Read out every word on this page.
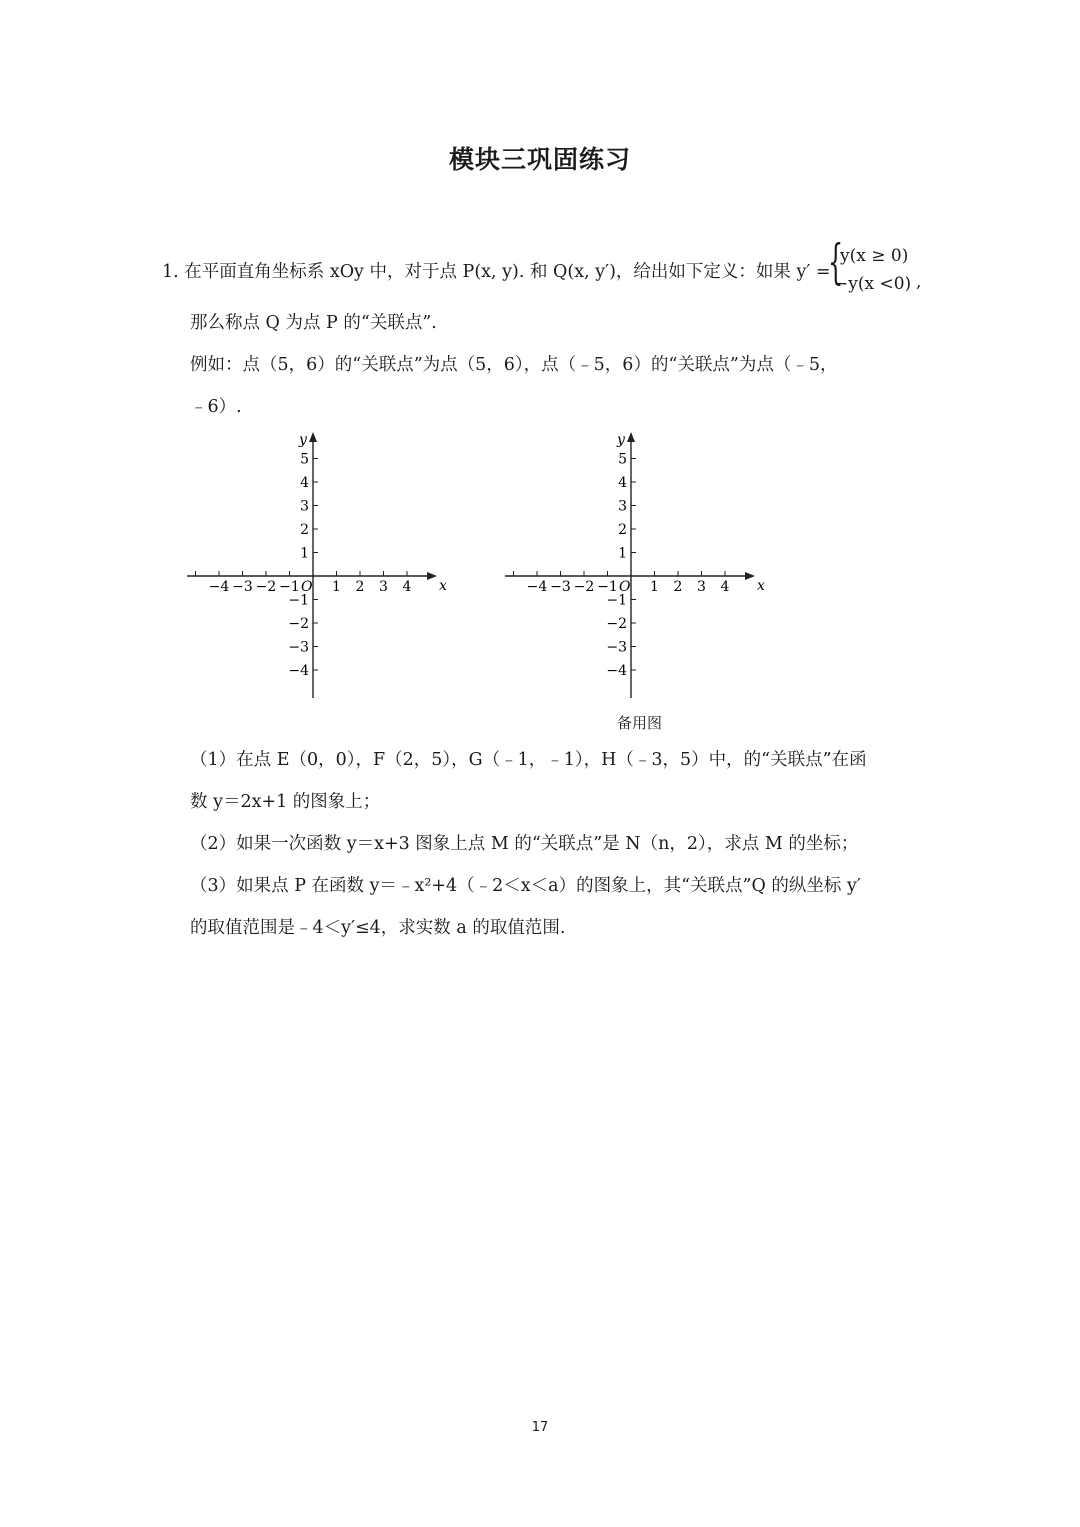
模块三巩固练习
1. 在平面直角坐标系 xOy 中，对于点 P(x, y). 和 Q(x, y′)，给出如下定义：如果 y′ =
{
y(x ≥ 0)
−y(x <0) ,
那么称点 Q 为点 P 的“关联点”.
例如：点（5，6）的“关联点”为点（5，6），点（﹣5，6）的“关联点”为点（﹣5，
﹣6）.
x
y
O
−4 −3 −2 −1 1 2 3 4
5
4
3
2
1
−1
−2
−3
−4
x
y
O
−4 −3 −2 −1 1 2 3 4
5
4
3
2
1
−1
−2
−3
−4
备用图
（1）在点 E（0，0），F（2，5），G（﹣1，﹣1），H（﹣3，5）中，的“关联点”在函
数 y＝2x+1 的图象上；
（2）如果一次函数 y＝x+3 图象上点 M 的“关联点”是 N（n，2），求点 M 的坐标；
（3）如果点 P 在函数 y＝﹣x²+4（﹣2＜x＜a）的图象上，其“关联点”Q 的纵坐标 y′
的取值范围是﹣4＜y′≤4，求实数 a 的取值范围.
17
